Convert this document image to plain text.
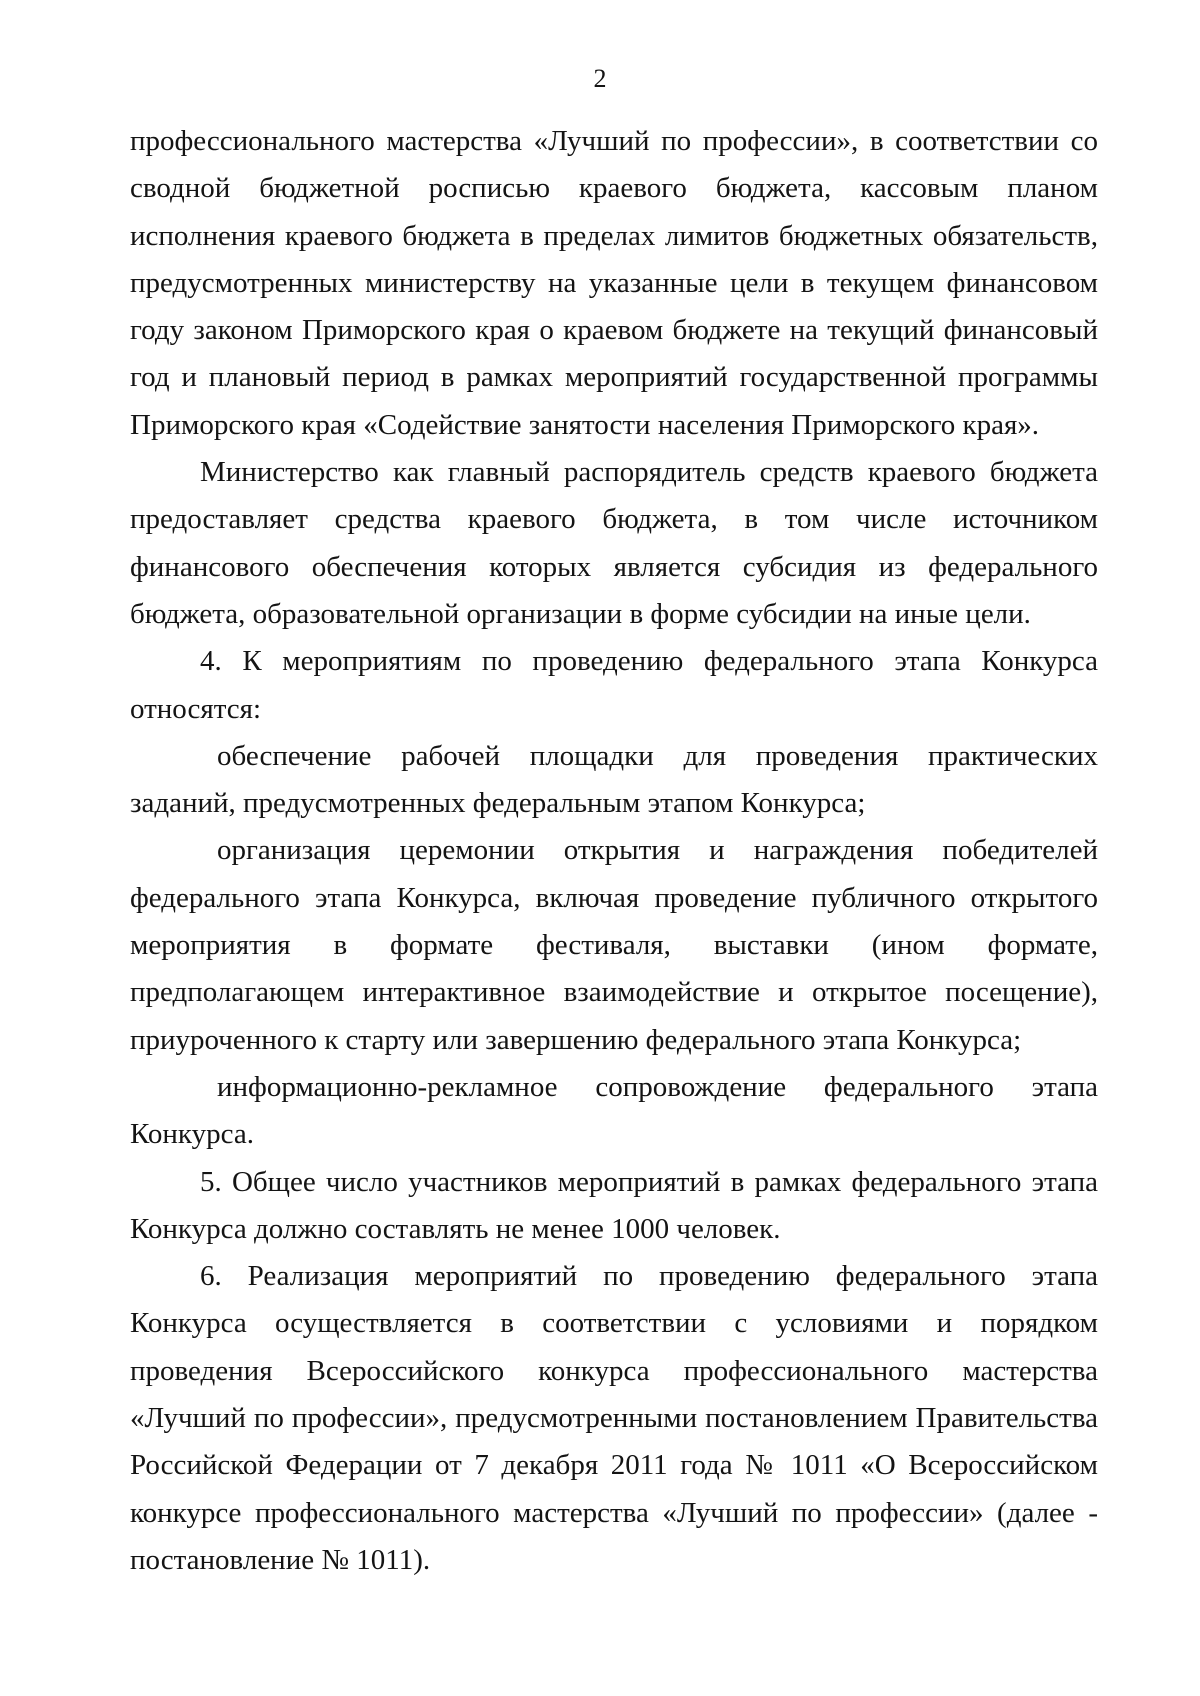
2

профессионального мастерства «Лучший по профессии», в соответствии со сводной бюджетной росписью краевого бюджета, кассовым планом исполнения краевого бюджета в пределах лимитов бюджетных обязательств, предусмотренных министерству на указанные цели в текущем финансовом году законом Приморского края о краевом бюджете на текущий финансовый год и плановый период в рамках мероприятий государственной программы Приморского края «Содействие занятости населения Приморского края».

Министерство как главный распорядитель средств краевого бюджета предоставляет средства краевого бюджета, в том числе источником финансового обеспечения которых является субсидия из федерального бюджета, образовательной организации в форме субсидии на иные цели.

4. К мероприятиям по проведению федерального этапа Конкурса относятся:

обеспечение рабочей площадки для проведения практических заданий, предусмотренных федеральным этапом Конкурса;

организация церемонии открытия и награждения победителей федерального этапа Конкурса, включая проведение публичного открытого мероприятия в формате фестиваля, выставки (ином формате, предполагающем интерактивное взаимодействие и открытое посещение), приуроченного к старту или завершению федерального этапа Конкурса;

информационно-рекламное сопровождение федерального этапа Конкурса.

5. Общее число участников мероприятий в рамках федерального этапа Конкурса должно составлять не менее 1000 человек.

6. Реализация мероприятий по проведению федерального этапа Конкурса осуществляется в соответствии с условиями и порядком проведения Всероссийского конкурса профессионального мастерства «Лучший по профессии», предусмотренными постановлением Правительства Российской Федерации от 7 декабря 2011 года № 1011 «О Всероссийском конкурсе профессионального мастерства «Лучший по профессии» (далее - постановление № 1011).
